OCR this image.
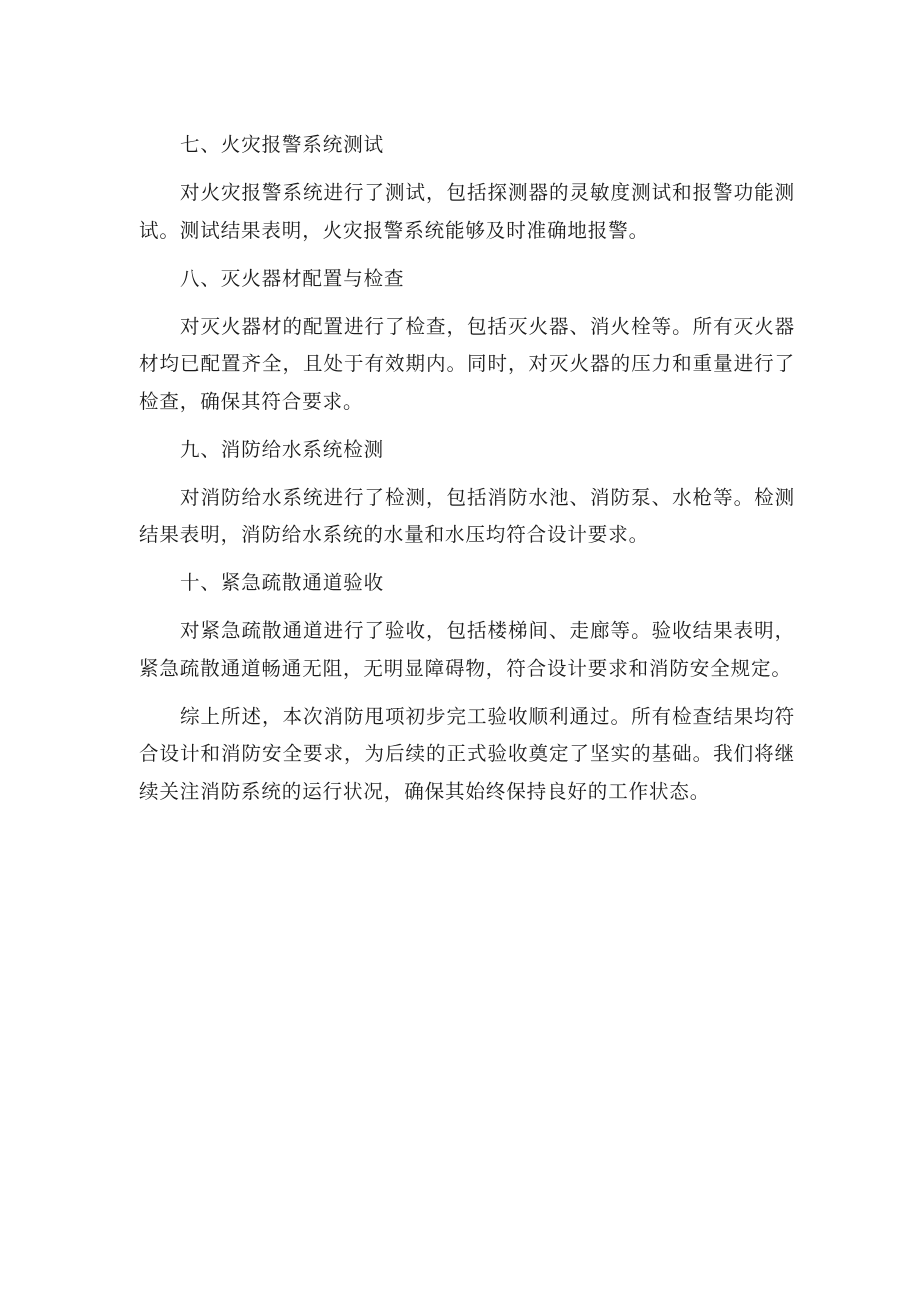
七、火灾报警系统测试

对火灾报警系统进行了测试，包括探测器的灵敏度测试和报警功能测试。测试结果表明，火灾报警系统能够及时准确地报警。

八、灭火器材配置与检查

对灭火器材的配置进行了检查，包括灭火器、消火栓等。所有灭火器材均已配置齐全，且处于有效期内。同时，对灭火器的压力和重量进行了检查，确保其符合要求。

九、消防给水系统检测

对消防给水系统进行了检测，包括消防水池、消防泵、水枪等。检测结果表明，消防给水系统的水量和水压均符合设计要求。

十、紧急疏散通道验收

对紧急疏散通道进行了验收，包括楼梯间、走廊等。验收结果表明，紧急疏散通道畅通无阻，无明显障碍物，符合设计要求和消防安全规定。

综上所述，本次消防甩项初步完工验收顺利通过。所有检查结果均符合设计和消防安全要求，为后续的正式验收奠定了坚实的基础。我们将继续关注消防系统的运行状况，确保其始终保持良好的工作状态。
